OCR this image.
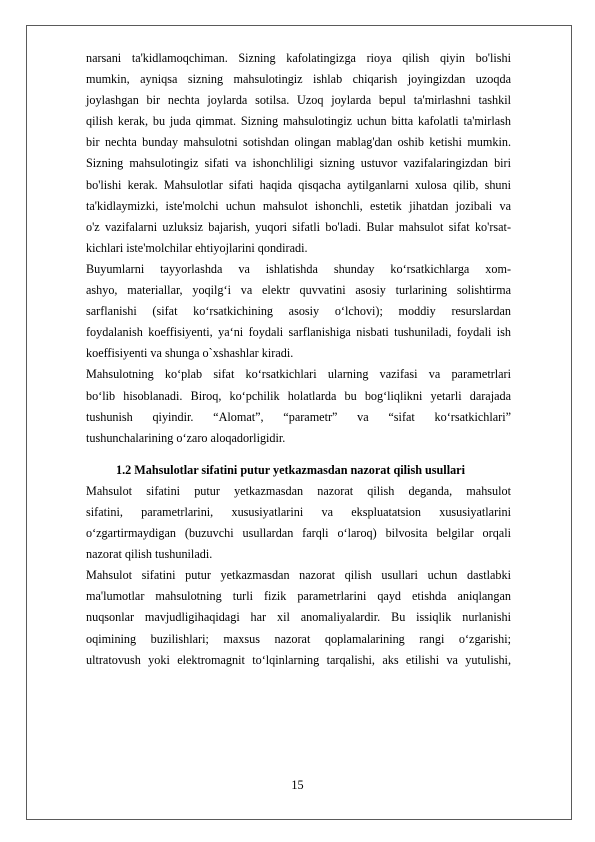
narsani ta'kidlamoqchiman. Sizning kafolatingizga rioya qilish qiyin bo'lishi
mumkin, ayniqsa sizning mahsulotingiz ishlab chiqarish joyingizdan uzoqda
joylashgan bir nechta joylarda sotilsa. Uzoq joylarda bepul ta'mirlashni tashkil
qilish kerak, bu juda qimmat. Sizning mahsulotingiz uchun bitta kafolatli ta'mirlash
bir nechta bunday mahsulotni sotishdan olingan mablag'dan oshib ketishi mumkin.
Sizning mahsulotingiz sifati va ishonchliligi sizning ustuvor vazifalaringizdan biri
bo'lishi kerak. Mahsulotlar sifati haqida qisqacha aytilganlarni xulosa qilib, shuni
ta'kidlaymizki, iste'molchi uchun mahsulot ishonchli, estetik jihatdan jozibali va
o'z vazifalarni uzluksiz bajarish, yuqori sifatli bo'ladi. Bular mahsulot sifat ko'rsat-
kichlari iste'molchilar ehtiyojlarini qondiradi.
Buyumlarni tayyorlashda va ishlatishda shunday ko‘rsatkichlarga xom-
ashyo, materiallar, yoqilg‘i va elektr quvvatini asosiy turlarining solishtirma
sarflanishi (sifat ko‘rsatkichining asosiy o‘lchovi); moddiy resurslardan
foydalanish koeffisiyenti, ya‘ni foydali sarflanishiga nisbati tushuniladi, foydali ish
koeffisiyenti va shunga o`xshashlar kiradi.
Mahsulotning ko‘plab sifat ko‘rsatkichlari ularning vazifasi va parametrlari
bo‘lib hisoblanadi. Biroq, ko‘pchilik holatlarda bu bog‘liqlikni yetarli darajada
tushunish qiyindir. “Alomat”, “parametr” va “sifat ko‘rsatkichlari”
tushunchalarining o‘zaro aloqadorligidir.
1.2 Mahsulotlar sifatini putur yetkazmasdan nazorat qilish usullari
Mahsulot sifatini putur yetkazmasdan nazorat qilish deganda, mahsulot
sifatini, parametrlarini, xususiyatlarini va ekspluatatsion xususiyatlarini
o‘zgartirmaydigan (buzuvchi usullardan farqli o‘laroq) bilvosita belgilar orqali
nazorat qilish tushuniladi.
Mahsulot sifatini putur yetkazmasdan nazorat qilish usullari uchun dastlabki
ma'lumotlar mahsulotning turli fizik parametrlarini qayd etishda aniqlangan
nuqsonlar mavjudligihaqidagi har xil anomaliyalardir. Bu issiqlik nurlanishi
oqimining buzilishlari; maxsus nazorat qoplamalarining rangi o‘zgarishi;
ultratovush yoki elektromagnit to‘lqinlarning tarqalishi, aks etilishi va yutulishi,
15
